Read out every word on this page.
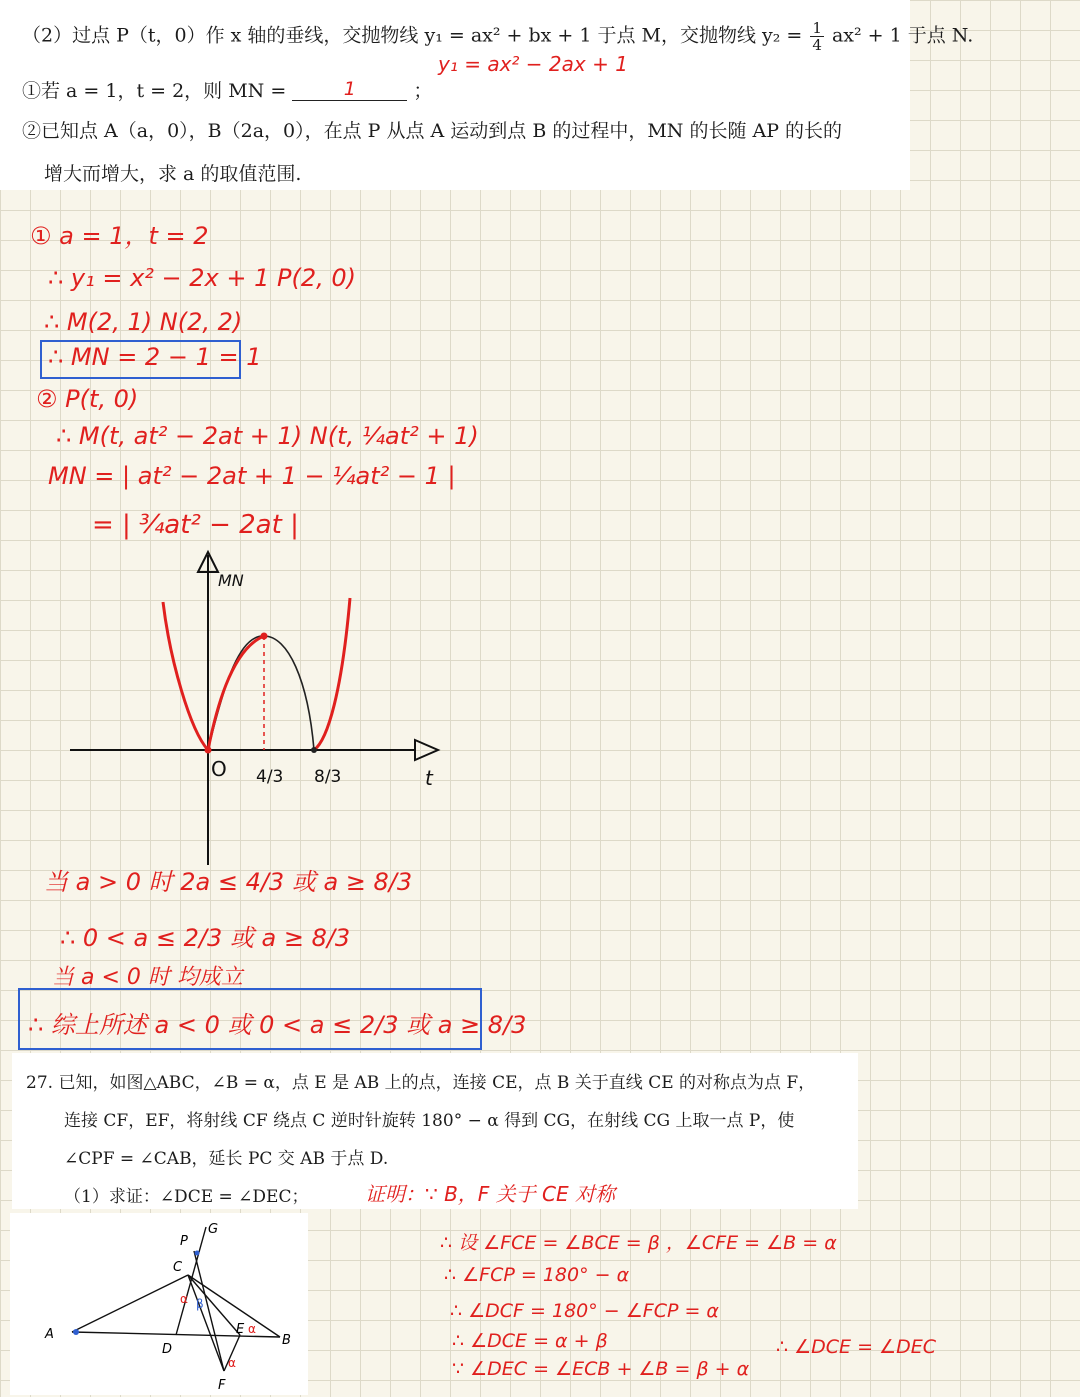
（2）过点 P（t，0）作 x 轴的垂线，交抛物线 y₁ = ax² + bx + 1 于点 M，交抛物线 $y_2 = \frac{1}{4} ax^2 + 1$ 于点 N.
y₁ = ax² − 2ax + 1
①若 a = 1，t = 2，则 MN =	1	；
②已知点 A（a，0），B（2a，0），在点 P 从点 A 运动到点 B 的过程中，MN 的长随 AP 的长的
增大而增大，求 a 的取值范围.
① a = 1，t = 2
∴ y₁ = x² − 2x + 1 P(2, 0)
∴ M(2, 1) N(2, 2)
∴ MN = 2 − 1 = 1
② P(t, 0)
∴ M(t, at² − 2at + 1) N(t, ¼at² + 1)
MN = | at² − 2at + 1 − ¼at² − 1 |
= | ¾at² − 2at |
MN
t
O 4/3 8/3
当 a > 0 时 2a ≤ 4/3 或 a ≥ 8/3
∴ 0 < a ≤ 2/3 或 a ≥ 8/3
当 a < 0 时 均成立
∴ 综上所述 a < 0 或 0 < a ≤ 2/3 或 a ≥ 8/3
27. 已知，如图△ABC，∠B = α，点 E 是 AB 上的点，连接 CE，点 B 关于直线 CE 的对称点为点 F，
连接 CF，EF，将射线 CF 绕点 C 逆时针旋转 180° − α 得到 CG，在射线 CG 上取一点 P，使
∠CPF = ∠CAB，延长 PC 交 AB 于点 D.
（1）求证：∠DCE = ∠DEC；	证明：∵ B，F 关于 CE 对称
A	B
C
D
E
F
G
P
α β
α
α
∴ 设 ∠FCE = ∠BCE = β ，∠CFE = ∠B = α
∴ ∠FCP = 180° − α
∴ ∠DCF = 180° − ∠FCP = α
∴ ∠DCE = α + β
∵ ∠DEC = ∠ECB + ∠B = β + α
∴ ∠DCE = ∠DEC
